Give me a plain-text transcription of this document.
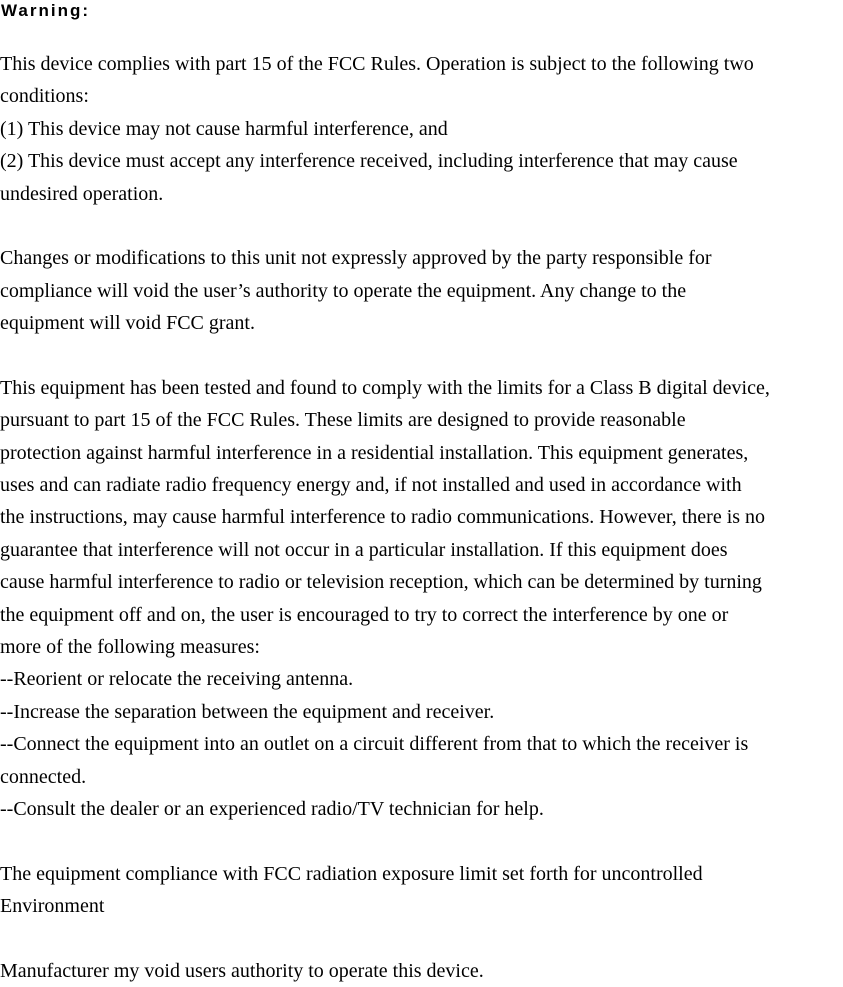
Warning:
This device complies with part 15 of the FCC Rules. Operation is subject to the following two
conditions:
(1) This device may not cause harmful interference, and
(2) This device must accept any interference received, including interference that may cause
undesired operation.
Changes or modifications to this unit not expressly approved by the party responsible for
compliance will void the user’s authority to operate the equipment. Any change to the
equipment will void FCC grant.
This equipment has been tested and found to comply with the limits for a Class B digital device,
pursuant to part 15 of the FCC Rules. These limits are designed to provide reasonable
protection against harmful interference in a residential installation. This equipment generates,
uses and can radiate radio frequency energy and, if not installed and used in accordance with
the instructions, may cause harmful interference to radio communications. However, there is no
guarantee that interference will not occur in a particular installation. If this equipment does
cause harmful interference to radio or television reception, which can be determined by turning
the equipment off and on, the user is encouraged to try to correct the interference by one or
more of the following measures:
--Reorient or relocate the receiving antenna.
--Increase the separation between the equipment and receiver.
--Connect the equipment into an outlet on a circuit different from that to which the receiver is
connected.
--Consult the dealer or an experienced radio/TV technician for help.
The equipment compliance with FCC radiation exposure limit set forth for uncontrolled
Environment
Manufacturer my void users authority to operate this device.
